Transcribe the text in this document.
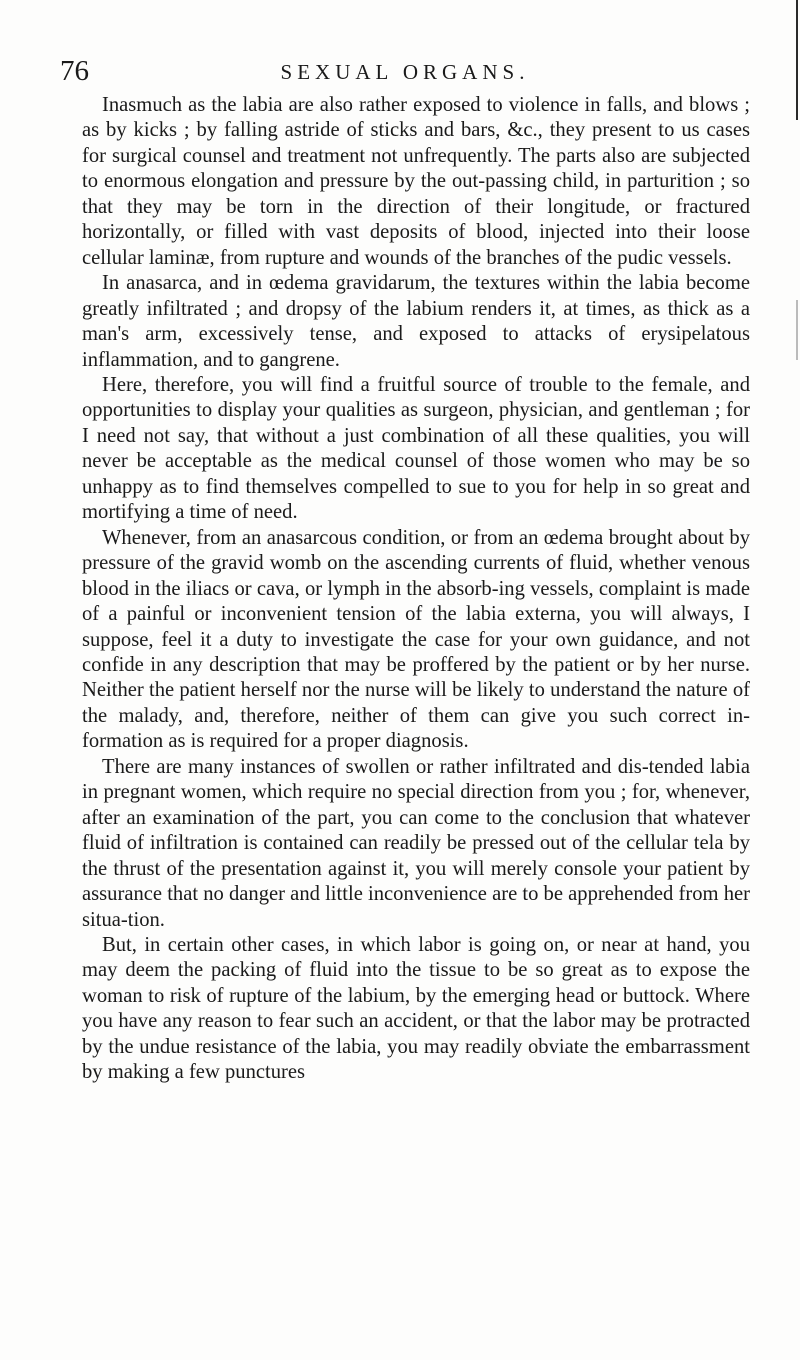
76	SEXUAL ORGANS.

Inasmuch as the labia are also rather exposed to violence in falls, and blows ; as by kicks ; by falling astride of sticks and bars, &c., they present to us cases for surgical counsel and treatment not unfrequently. The parts also are subjected to enormous elongation and pressure by the out-passing child, in parturition ; so that they may be torn in the direction of their longitude, or fractured horizontally, or filled with vast deposits of blood, injected into their loose cellular laminæ, from rupture and wounds of the branches of the pudic vessels.

In anasarca, and in œdema gravidarum, the textures within the labia become greatly infiltrated ; and dropsy of the labium renders it, at times, as thick as a man's arm, excessively tense, and exposed to attacks of erysipelatous inflammation, and to gangrene.

Here, therefore, you will find a fruitful source of trouble to the female, and opportunities to display your qualities as surgeon, physician, and gentleman ; for I need not say, that without a just combination of all these qualities, you will never be acceptable as the medical counsel of those women who may be so unhappy as to find themselves compelled to sue to you for help in so great and mortifying a time of need.

Whenever, from an anasarcous condition, or from an œdema brought about by pressure of the gravid womb on the ascending currents of fluid, whether venous blood in the iliacs or cava, or lymph in the absorb-ing vessels, complaint is made of a painful or inconvenient tension of the labia externa, you will always, I suppose, feel it a duty to investigate the case for your own guidance, and not confide in any description that may be proffered by the patient or by her nurse. Neither the patient herself nor the nurse will be likely to understand the nature of the malady, and, therefore, neither of them can give you such correct in-formation as is required for a proper diagnosis.

There are many instances of swollen or rather infiltrated and dis-tended labia in pregnant women, which require no special direction from you ; for, whenever, after an examination of the part, you can come to the conclusion that whatever fluid of infiltration is contained can readily be pressed out of the cellular tela by the thrust of the presentation against it, you will merely console your patient by assurance that no danger and little inconvenience are to be apprehended from her situa-tion.

But, in certain other cases, in which labor is going on, or near at hand, you may deem the packing of fluid into the tissue to be so great as to expose the woman to risk of rupture of the labium, by the emerging head or buttock. Where you have any reason to fear such an accident, or that the labor may be protracted by the undue resistance of the labia, you may readily obviate the embarrassment by making a few punctures
